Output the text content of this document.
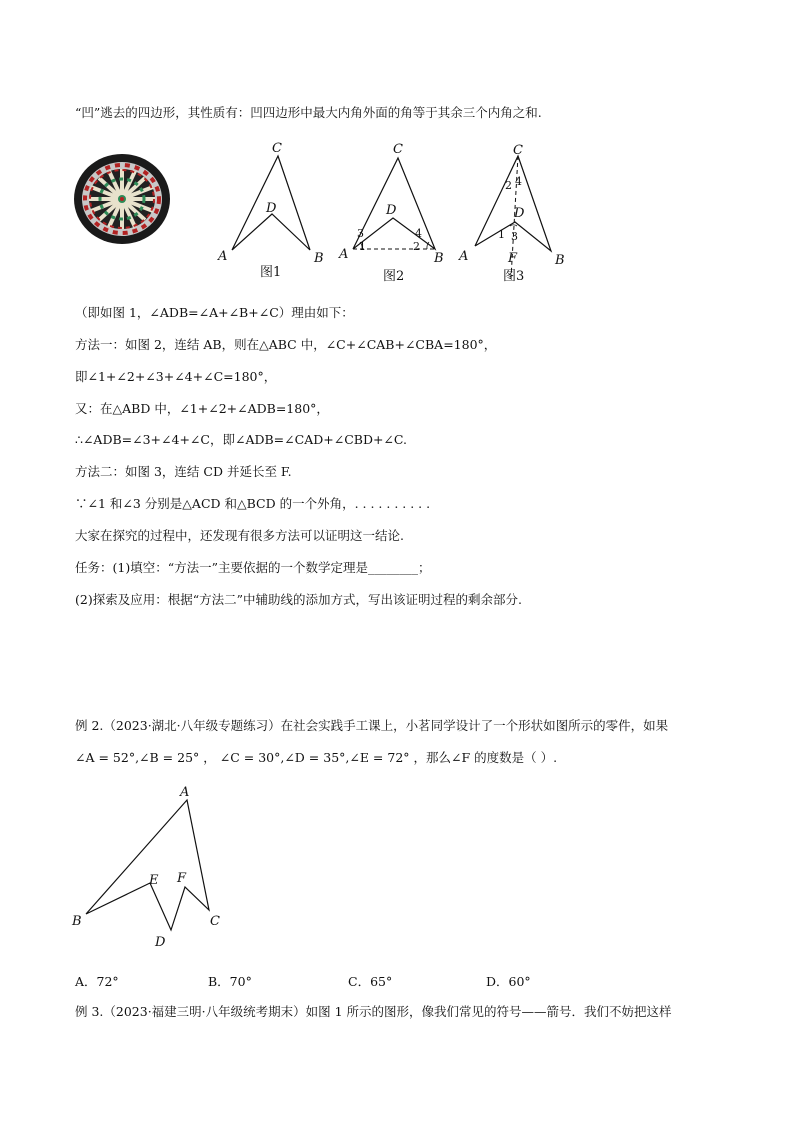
“凹”逃去的四边形，其性质有：凹四边形中最大内角外面的角等于其余三个内角之和.
C
D
A	B
图1
C
D
A	B
3
1
4
2
图2
C
D
A	B
F
4
2
1 3
图3
（即如图 1，∠ADB=∠A+∠B+∠C）理由如下：
方法一：如图 2，连结 AB，则在△ABC 中，∠C+∠CAB+∠CBA=180°，
即∠1+∠2+∠3+∠4+∠C=180°，
又：在△ABD 中，∠1+∠2+∠ADB=180°，
∴∠ADB=∠3+∠4+∠C，即∠ADB=∠CAD+∠CBD+∠C.
方法二：如图 3，连结 CD 并延长至 F.
∵∠1 和∠3 分别是△ACD 和△BCD 的一个外角，. . . . . . . . . .
大家在探究的过程中，还发现有很多方法可以证明这一结论.
任务：(1)填空：“方法一”主要依据的一个数学定理是________；
(2)探索及应用：根据“方法二”中辅助线的添加方式，写出该证明过程的剩余部分.
例 2.（2023·湖北·八年级专题练习）在社会实践手工课上，小茗同学设计了一个形状如图所示的零件，如果
∠A = 52°,∠B = 25° ， ∠C = 30°,∠D = 35°,∠E = 72° ，那么∠F 的度数是（ ）.
A
E F
B	C
D
A．72°	B．70°	C．65°	D．60°
例 3.（2023·福建三明·八年级统考期末）如图 1 所示的图形，像我们常见的符号——箭号．我们不妨把这样
